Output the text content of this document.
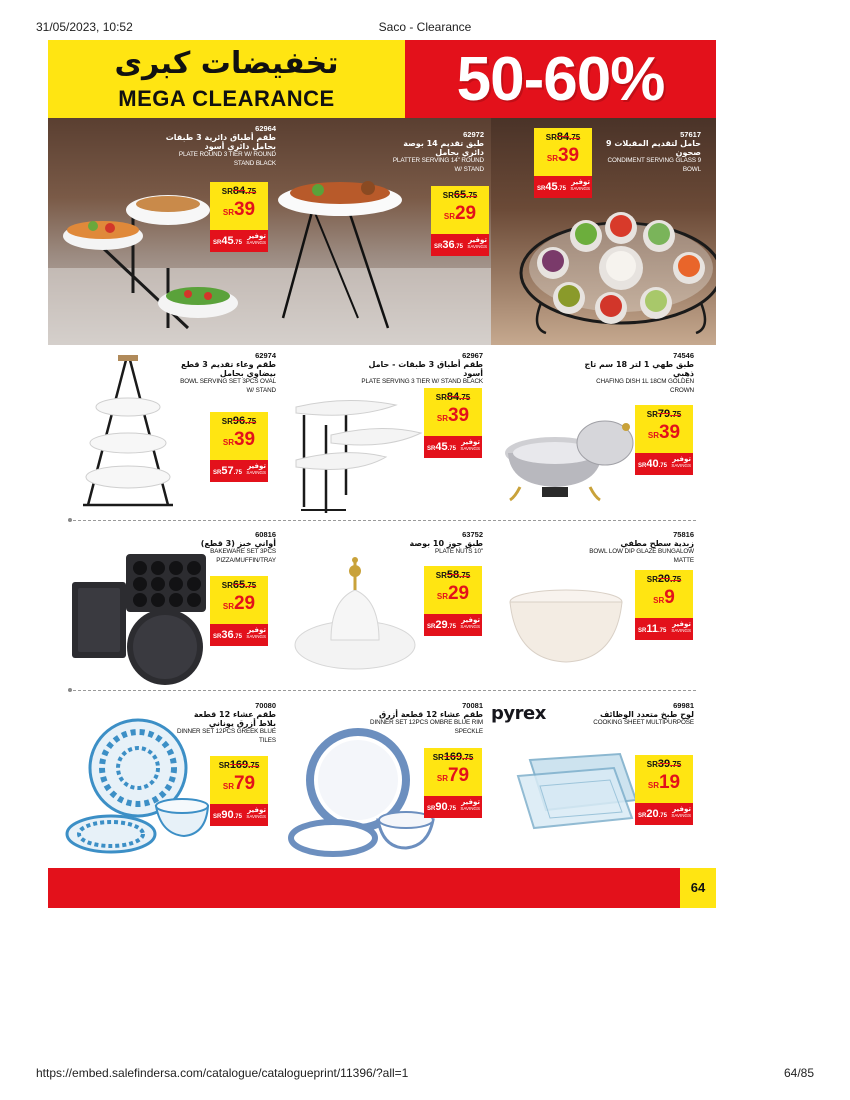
31/05/2023, 10:52	Saco - Clearance
تخفيضات كبرى
MEGA CLEARANCE	50-60%
62964
طقم أطباق دائرية 3 طبقات بحامل دائري أسود
PLATE ROUND 3 TIER W/ ROUND STAND BLACK
SR84.75
SR39
SR45.75
توفير
SAVINGS
62972
طبق تقديم 14 بوصة دائري بحامل
PLATTER SERVING 14" ROUND W/ STAND
SR65.75
SR29
SR36.75
توفير
SAVINGS
57617
حامل لتقديم المقبلات 9 صحون
CONDIMENT SERVING GLASS 9 BOWL
SR84.75
SR39
SR45.75
توفير
SAVINGS
62974
طقم وعاء تقديم 3 قطع بيضاوي بحامل
BOWL SERVING SET 3PCS OVAL W/ STAND
SR96.75
SR39
SR57.75
توفير
SAVINGS
62967
طقم أطباق 3 طبقات - حامل أسود
PLATE SERVING 3 TIER W/ STAND BLACK
SR84.75
SR39
SR45.75
توفير
SAVINGS
74546
طبق طهي 1 لتر 18 سم تاج ذهبي
CHAFING DISH 1L 18CM GOLDEN CROWN
SR79.75
SR39
SR40.75
توفير
SAVINGS
60816
أواني خبز (3 قطع)
BAKEWARE SET 3PCS PIZZA/MUFFIN/TRAY
SR65.75
SR29
SR36.75
توفير
SAVINGS
63752
طبق جوز 10 بوصة
PLATE NUTS 10"
SR58.75
SR29
SR29.75
توفير
SAVINGS
75816
زبدية سطح مطفي
BOWL LOW DIP GLAZE BUNGALOW MATTE
SR20.75
SR9
SR11.75
توفير
SAVINGS
70080
طقم عشاء 12 قطعة بلاط أزرق يوناني
DINNER SET 12PCS GREEK BLUE TILES
SR169.75
SR79
SR90.75
توفير
SAVINGS
70081
طقم عشاء 12 قطعة أزرق
DINNER SET 12PCS OMBRE BLUE RIM SPECKLE
SR169.75
SR79
SR90.75
توفير
SAVINGS
pyrex	69981
لوح طبخ متعدد الوظائف
COOKING SHEET MULTIPURPOSE
SR39.75
SR19
SR20.75
توفير
SAVINGS
64
https://embed.salefindersa.com/catalogue/catalogueprint/11396/?all=1	64/85
